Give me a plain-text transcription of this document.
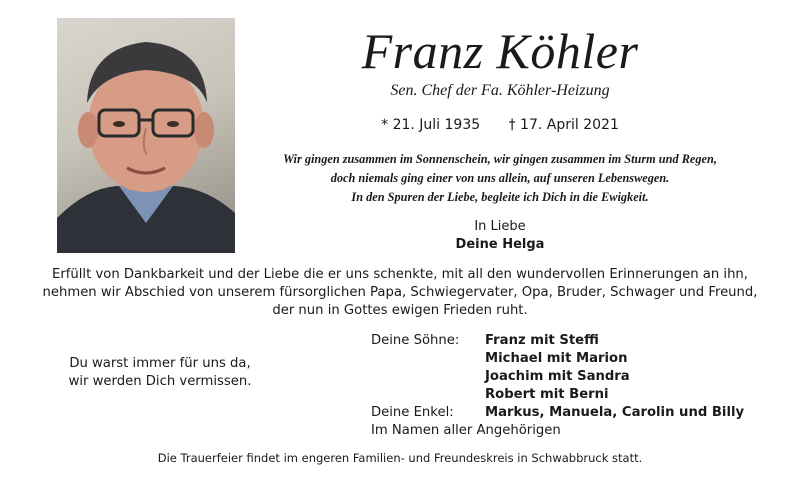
Franz Köhler
Sen. Chef der Fa. Köhler-Heizung
* 21. Juli 1935 † 17. April 2021
Wir gingen zusammen im Sonnenschein, wir gingen zusammen im Sturm und Regen,
doch niemals ging einer von uns allein, auf unseren Lebenswegen.
In den Spuren der Liebe, begleite ich Dich in die Ewigkeit.
In Liebe
Deine Helga
Erfüllt von Dankbarkeit und der Liebe die er uns schenkte, mit all den wundervollen Erinnerungen an ihn,
nehmen wir Abschied von unserem fürsorglichen Papa, Schwiegervater, Opa, Bruder, Schwager und Freund,
der nun in Gottes ewigen Frieden ruht.
Du warst immer für uns da,
wir werden Dich vermissen.
Deine Söhne:	Franz mit Steffi
Michael mit Marion
Joachim mit Sandra
Robert mit Berni
Deine Enkel:	Markus, Manuela, Carolin und Billy
Im Namen aller Angehörigen
Die Trauerfeier findet im engeren Familien- und Freundeskreis in Schwabbruck statt.
